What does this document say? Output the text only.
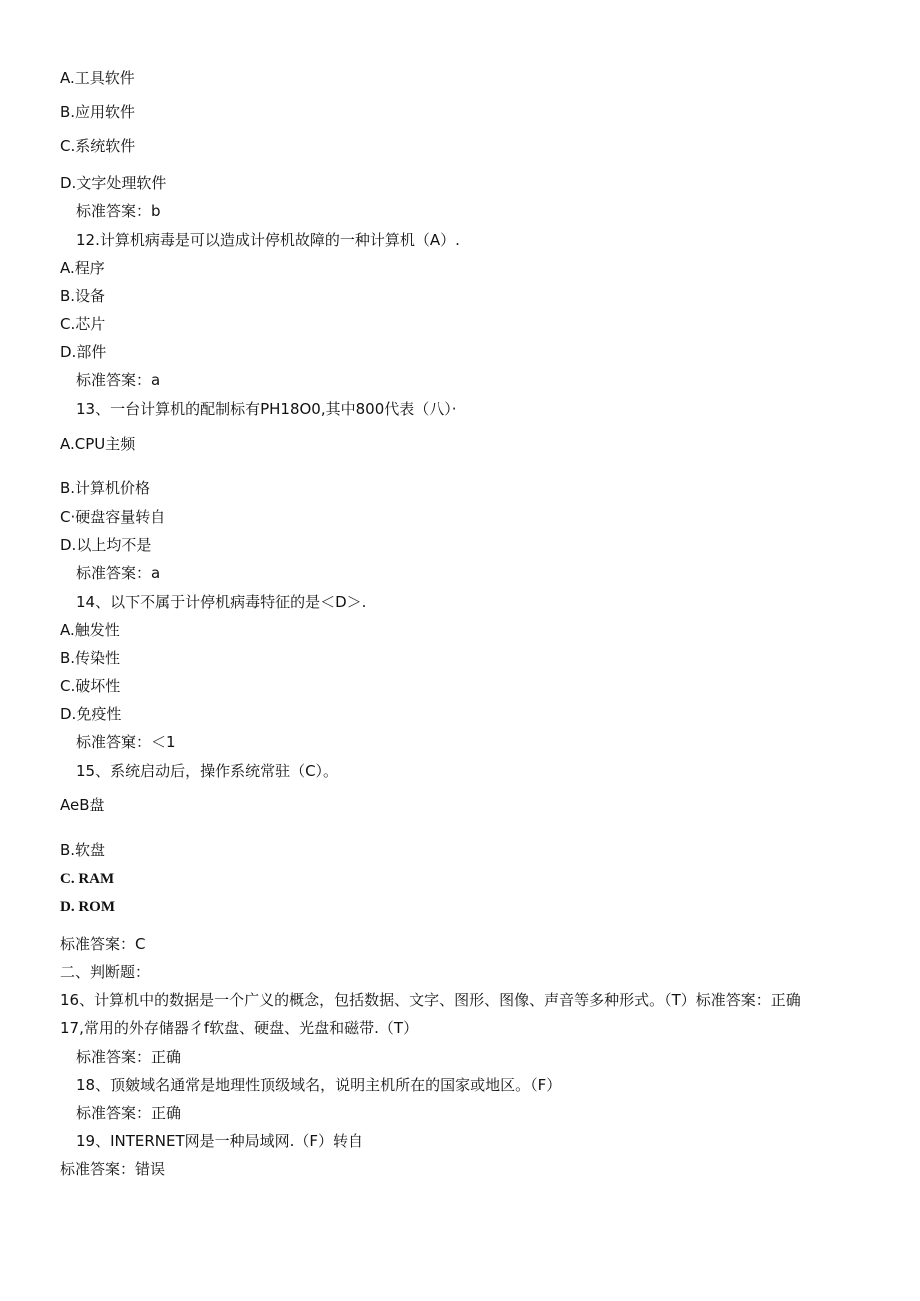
A.工具软件
B.应用软件
C.系统软件
D.文字处理软件
标准答案：b
12.计算机病毒是可以造成计停机故障的一种计算机（A）.
A.程序
B.设备
C.芯片
D.部件
标准答案：a
13、一台计算机的配制标有PH18O0,其中800代表（八）·
A.CPU主频
B.计算机价格
C·硬盘容量转自
D.以上均不是
标准答案：a
14、以下不属于计停机病毒特征的是＜D＞.
A.触发性
B.传染性
C.破坏性
D.免疫性
标准答窠：＜1
15、系统启动后，操作系统常驻（C）。
AeB盘
B.软盘
C. RAM
D. ROM
标准答案：C
二、判断题：
16、计算机中的数据是一个广义的概念，包括数据、文字、图形、图像、声音等多种形式。（T）标准答案：正确
17,常用的外存储器彳f软盘、硬盘、光盘和磁带.（T）
标准答案：正确
18、顶皴域名通常是地理性顶级域名，说明主机所在的国家或地区。（F）
标准答案：正确
19、INTERNET网是一种局域网.（F）转自
标准答案：错误
